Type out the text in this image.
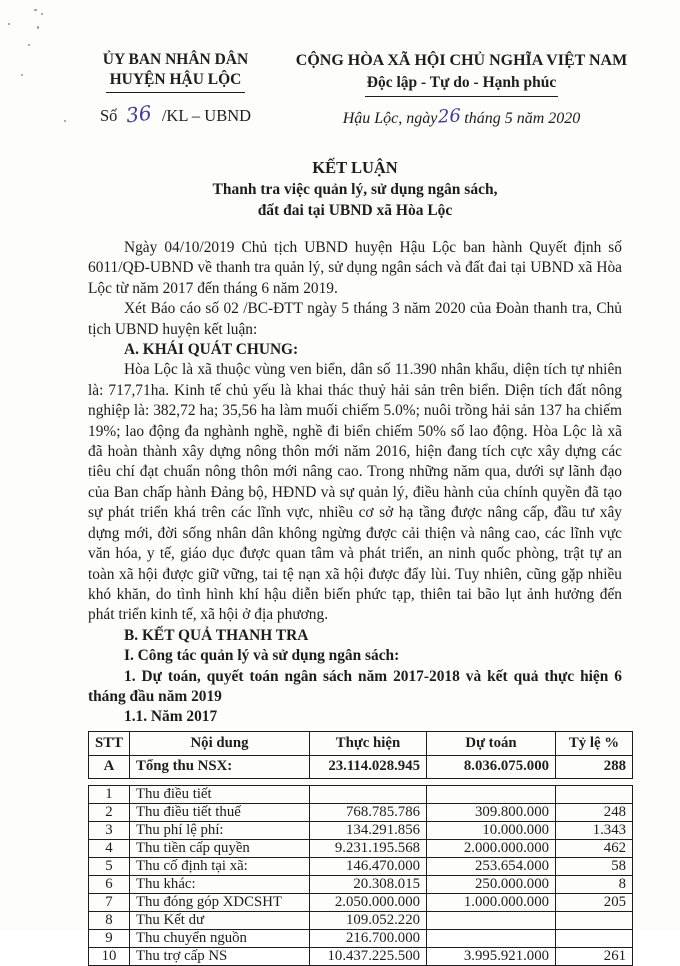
ỦY BAN NHÂN DÂN
HUYỆN HẬU LỘC
Số 36 /KL – UBND
CỘNG HÒA XÃ HỘI CHỦ NGHĨA VIỆT NAM
Độc lập - Tự do - Hạnh phúc
Hậu Lộc, ngày26 tháng 5 năm 2020
KẾT LUẬN
Thanh tra việc quản lý, sử dụng ngân sách,
đất đai tại UBND xã Hòa Lộc

Ngày 04/10/2019 Chủ tịch UBND huyện Hậu Lộc ban hành Quyết định số 6011/QĐ-UBND về thanh tra quản lý, sử dụng ngân sách và đất đai tại UBND xã Hòa Lộc từ năm 2017 đến tháng 6 năm 2019.

Xét Báo cáo số 02 /BC-ĐTT ngày 5 tháng 3 năm 2020 của Đoàn thanh tra, Chủ tịch UBND huyện kết luận:

A. KHÁI QUÁT CHUNG:

Hòa Lộc là xã thuộc vùng ven biển, dân số 11.390 nhân khẩu, diện tích tự nhiên là: 717,71ha. Kinh tế chủ yếu là khai thác thuỷ hải sản trên biển. Diện tích đất nông nghiệp là: 382,72 ha; 35,56 ha làm muối chiếm 5.0%; nuôi trồng hải sản 137 ha chiếm 19%; lao động đa nghành nghề, nghề đi biển chiếm 50% số lao động. Hòa Lộc là xã đã hoàn thành xây dựng nông thôn mới năm 2016, hiện đang tích cực xây dựng các tiêu chí đạt chuẩn nông thôn mới nâng cao. Trong những năm qua, dưới sự lãnh đạo của Ban chấp hành Đảng bộ, HĐND và sự quản lý, điều hành của chính quyền đã tạo sự phát triển khá trên các lĩnh vực, nhiều cơ sở hạ tầng được nâng cấp, đầu tư xây dựng mới, đời sống nhân dân không ngừng được cải thiện và nâng cao, các lĩnh vực văn hóa, y tế, giáo dục được quan tâm và phát triển, an ninh quốc phòng, trật tự an toàn xã hội được giữ vững, tai tệ nạn xã hội được đẩy lùi. Tuy nhiên, cũng gặp nhiều khó khăn, do tình hình khí hậu diễn biến phức tạp, thiên tai bão lụt ảnh hưởng đến phát triển kinh tế, xã hội ở địa phương.

B. KẾT QUẢ THANH TRA

I. Công tác quản lý và sử dụng ngân sách:

1. Dự toán, quyết toán ngân sách năm 2017-2018 và kết quả thực hiện 6 tháng đầu năm 2019

1.1. Năm 2017

STT	Nội dung	Thực hiện	Dự toán	Tỷ lệ %
A	Tổng thu NSX:	23.114.028.945	8.036.075.000	288
1	Thu điều tiết			
2	Thu điều tiết thuế	768.785.786	309.800.000	248
3	Thu phí lệ phí:	134.291.856	10.000.000	1.343
4	Thu tiền cấp quyền	9.231.195.568	2.000.000.000	462
5	Thu cố định tại xã:	146.470.000	253.654.000	58
6	Thu khác:	20.308.015	250.000.000	8
7	Thu đóng góp XDCSHT	2.050.000.000	1.000.000.000	205
8	Thu Kết dư	109.052.220		
9	Thu chuyển nguồn	216.700.000		
10	Thu trợ cấp NS	10.437.225.500	3.995.921.000	261
